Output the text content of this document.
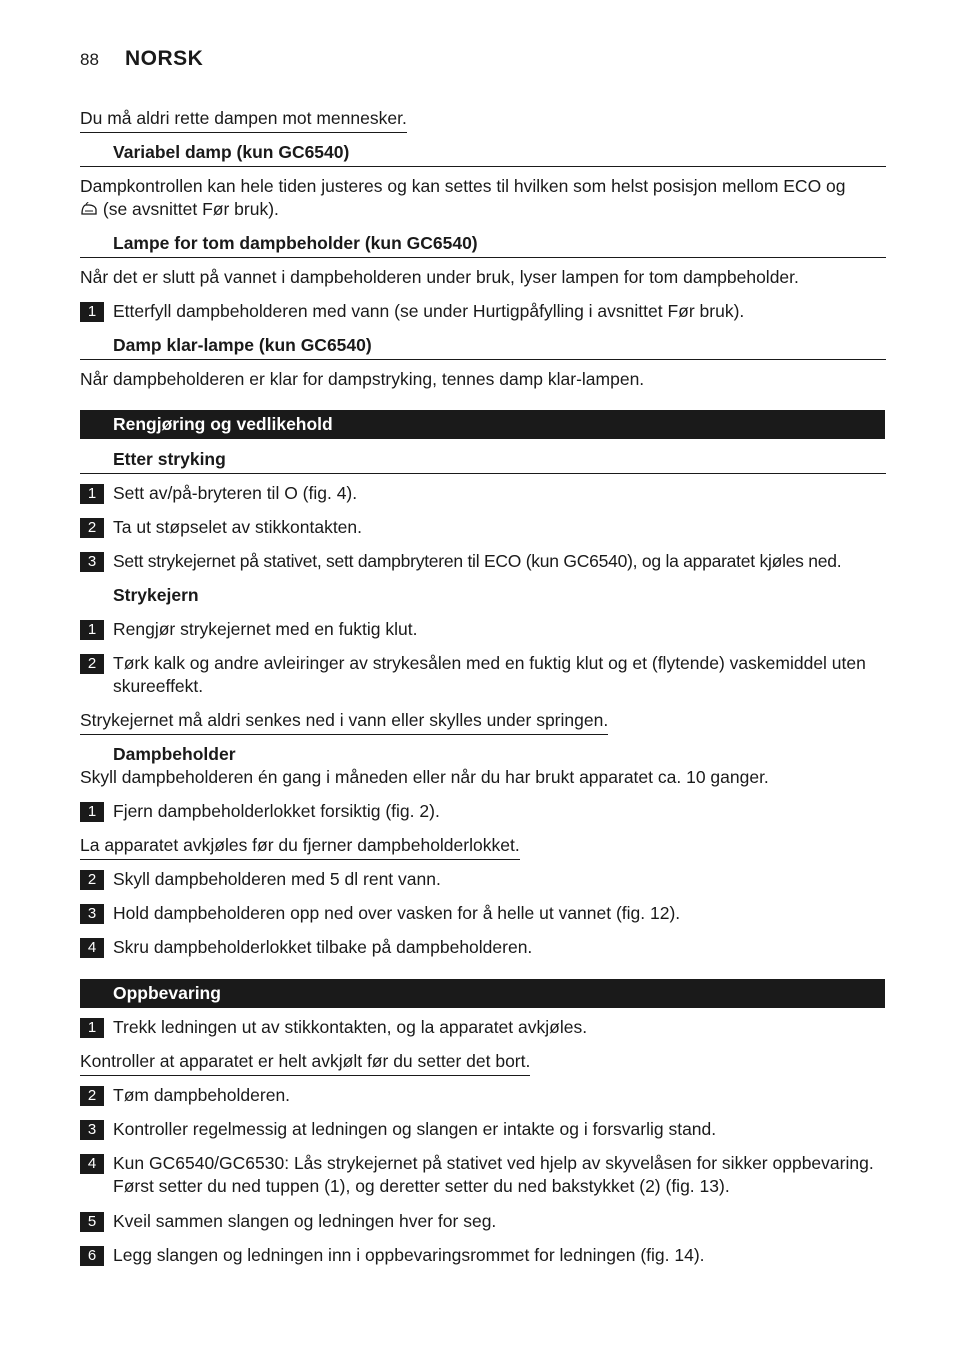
88 NORSK
Du må aldri rette dampen mot mennesker.
Variabel damp (kun GC6540)
Dampkontrollen kan hele tiden justeres og kan settes til hvilken som helst posisjon mellom ECO og
(se avsnittet Før bruk).
Lampe for tom dampbeholder (kun GC6540)
Når det er slutt på vannet i dampbeholderen under bruk, lyser lampen for tom dampbeholder.
1 Etterfyll dampbeholderen med vann (se under Hurtigpåfylling i avsnittet Før bruk).
Damp klar-lampe (kun GC6540)
Når dampbeholderen er klar for dampstryking, tennes damp klar-lampen.
Rengjøring og vedlikehold
Etter stryking
1 Sett av/på-bryteren til O (fig. 4).
2 Ta ut støpselet av stikkontakten.
3 Sett strykejernet på stativet, sett dampbryteren til ECO (kun GC6540), og la apparatet kjøles ned.
Strykejern
1 Rengjør strykejernet med en fuktig klut.
2 Tørk kalk og andre avleiringer av strykesålen med en fuktig klut og et (flytende) vaskemiddel uten skureeffekt.
Strykejernet må aldri senkes ned i vann eller skylles under springen.
Dampbeholder
Skyll dampbeholderen én gang i måneden eller når du har brukt apparatet ca. 10 ganger.
1 Fjern dampbeholderlokket forsiktig (fig. 2).
La apparatet avkjøles før du fjerner dampbeholderlokket.
2 Skyll dampbeholderen med 5 dl rent vann.
3 Hold dampbeholderen opp ned over vasken for å helle ut vannet (fig. 12).
4 Skru dampbeholderlokket tilbake på dampbeholderen.
Oppbevaring
1 Trekk ledningen ut av stikkontakten, og la apparatet avkjøles.
Kontroller at apparatet er helt avkjølt før du setter det bort.
2 Tøm dampbeholderen.
3 Kontroller regelmessig at ledningen og slangen er intakte og i forsvarlig stand.
4 Kun GC6540/GC6530: Lås strykejernet på stativet ved hjelp av skyvelåsen for sikker oppbevaring. Først setter du ned tuppen (1), og deretter setter du ned bakstykket (2) (fig. 13).
5 Kveil sammen slangen og ledningen hver for seg.
6 Legg slangen og ledningen inn i oppbevaringsrommet for ledningen (fig. 14).
